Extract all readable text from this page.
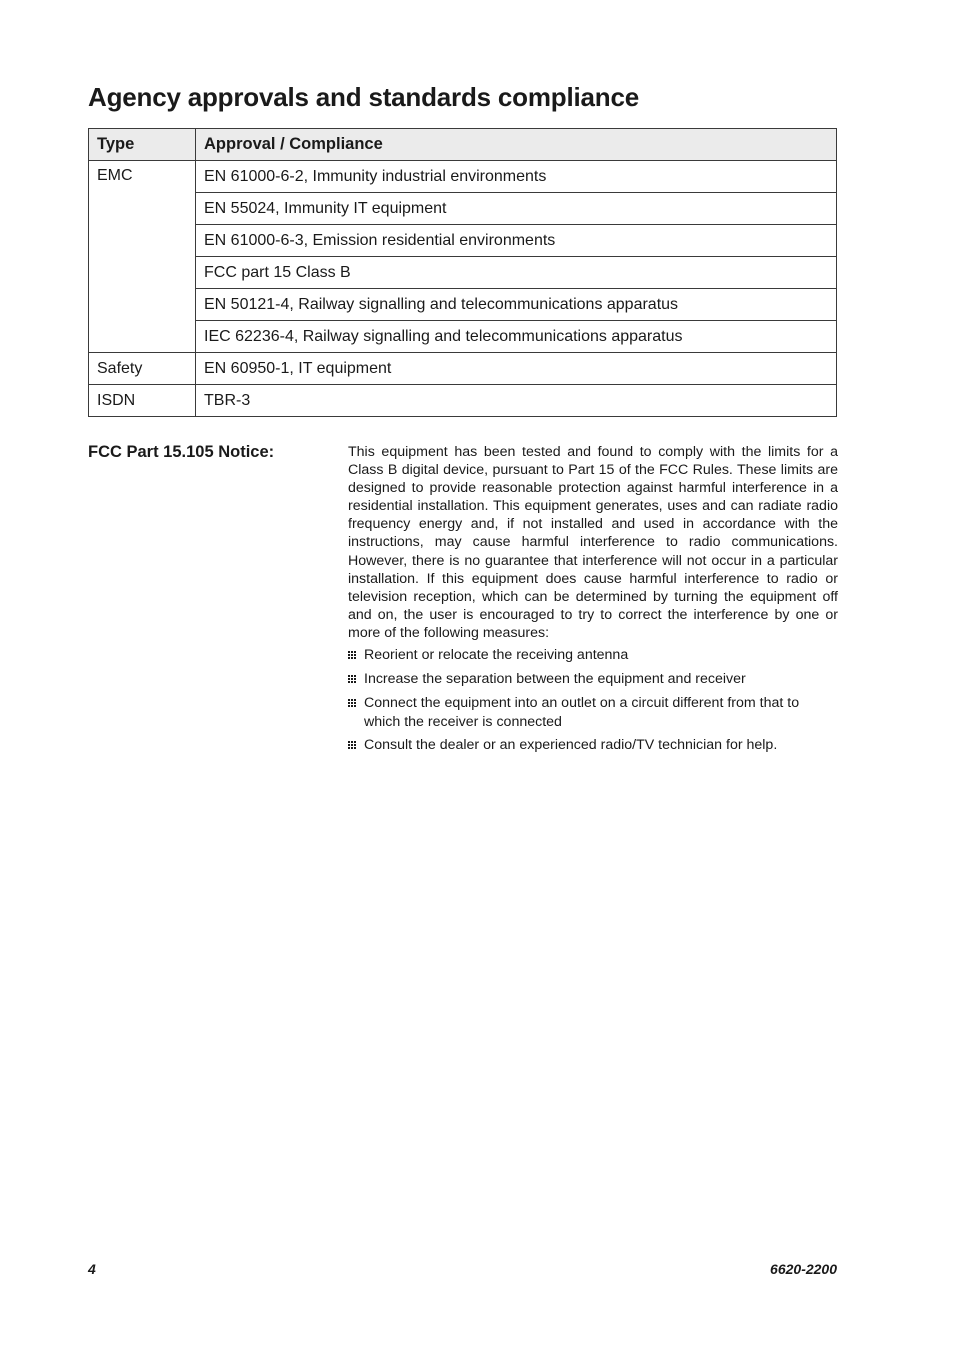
Agency approvals and standards compliance
Type	Approval / Compliance
EMC	EN 61000-6-2, Immunity industrial environments
	EN 55024, Immunity IT equipment
	EN 61000-6-3, Emission residential environments
	FCC part 15 Class B
	EN 50121-4, Railway signalling and telecommunications apparatus
	IEC 62236-4, Railway signalling and telecommunications apparatus
Safety	EN 60950-1, IT equipment
ISDN	TBR-3
FCC Part 15.105 Notice:	This equipment has been tested and found to comply with the limits for a Class B digital device, pursuant to Part 15 of the FCC Rules. These limits are designed to provide reasonable protection against harmful interference in a residential installation. This equipment generates, uses and can radiate radio frequency energy and, if not installed and used in accordance with the instructions, may cause harmful interference to radio communications. However, there is no guarantee that interference will not occur in a particular installation. If this equipment does cause harmful interference to radio or television reception, which can be determined by turning the equipment off and on, the user is encouraged to try to correct the interference by one or more of the following measures:

Reorient or relocate the receiving antenna
Increase the separation between the equipment and receiver
Connect the equipment into an outlet on a circuit different from that to which the receiver is connected
Consult the dealer or an experienced radio/TV technician for help.
4	6620-2200
